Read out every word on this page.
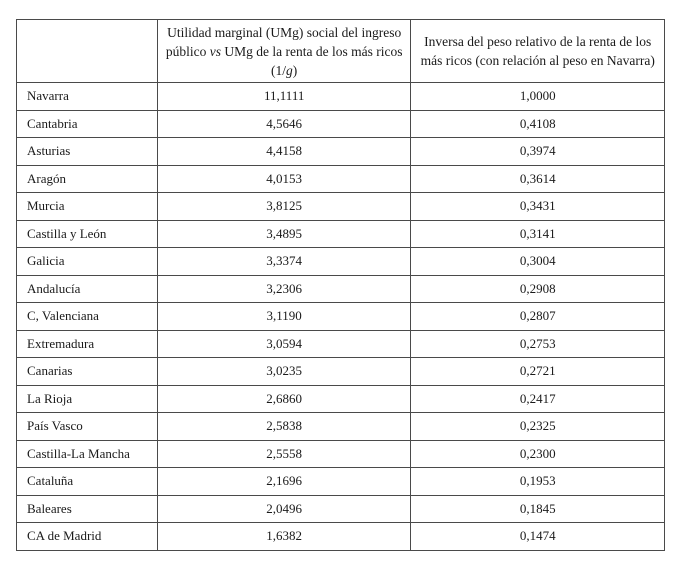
	Utilidad marginal (UMg) social del ingreso público vs UMg de la renta de los más ricos (1/g)	Inversa del peso relativo de la renta de los más ricos (con relación al peso en Navarra)
Navarra	11,1111	1,0000
Cantabria	4,5646	0,4108
Asturias	4,4158	0,3974
Aragón	4,0153	0,3614
Murcia	3,8125	0,3431
Castilla y León	3,4895	0,3141
Galicia	3,3374	0,3004
Andalucía	3,2306	0,2908
C, Valenciana	3,1190	0,2807
Extremadura	3,0594	0,2753
Canarias	3,0235	0,2721
La Rioja	2,6860	0,2417
País Vasco	2,5838	0,2325
Castilla-La Mancha	2,5558	0,2300
Cataluña	2,1696	0,1953
Baleares	2,0496	0,1845
CA de Madrid	1,6382	0,1474
